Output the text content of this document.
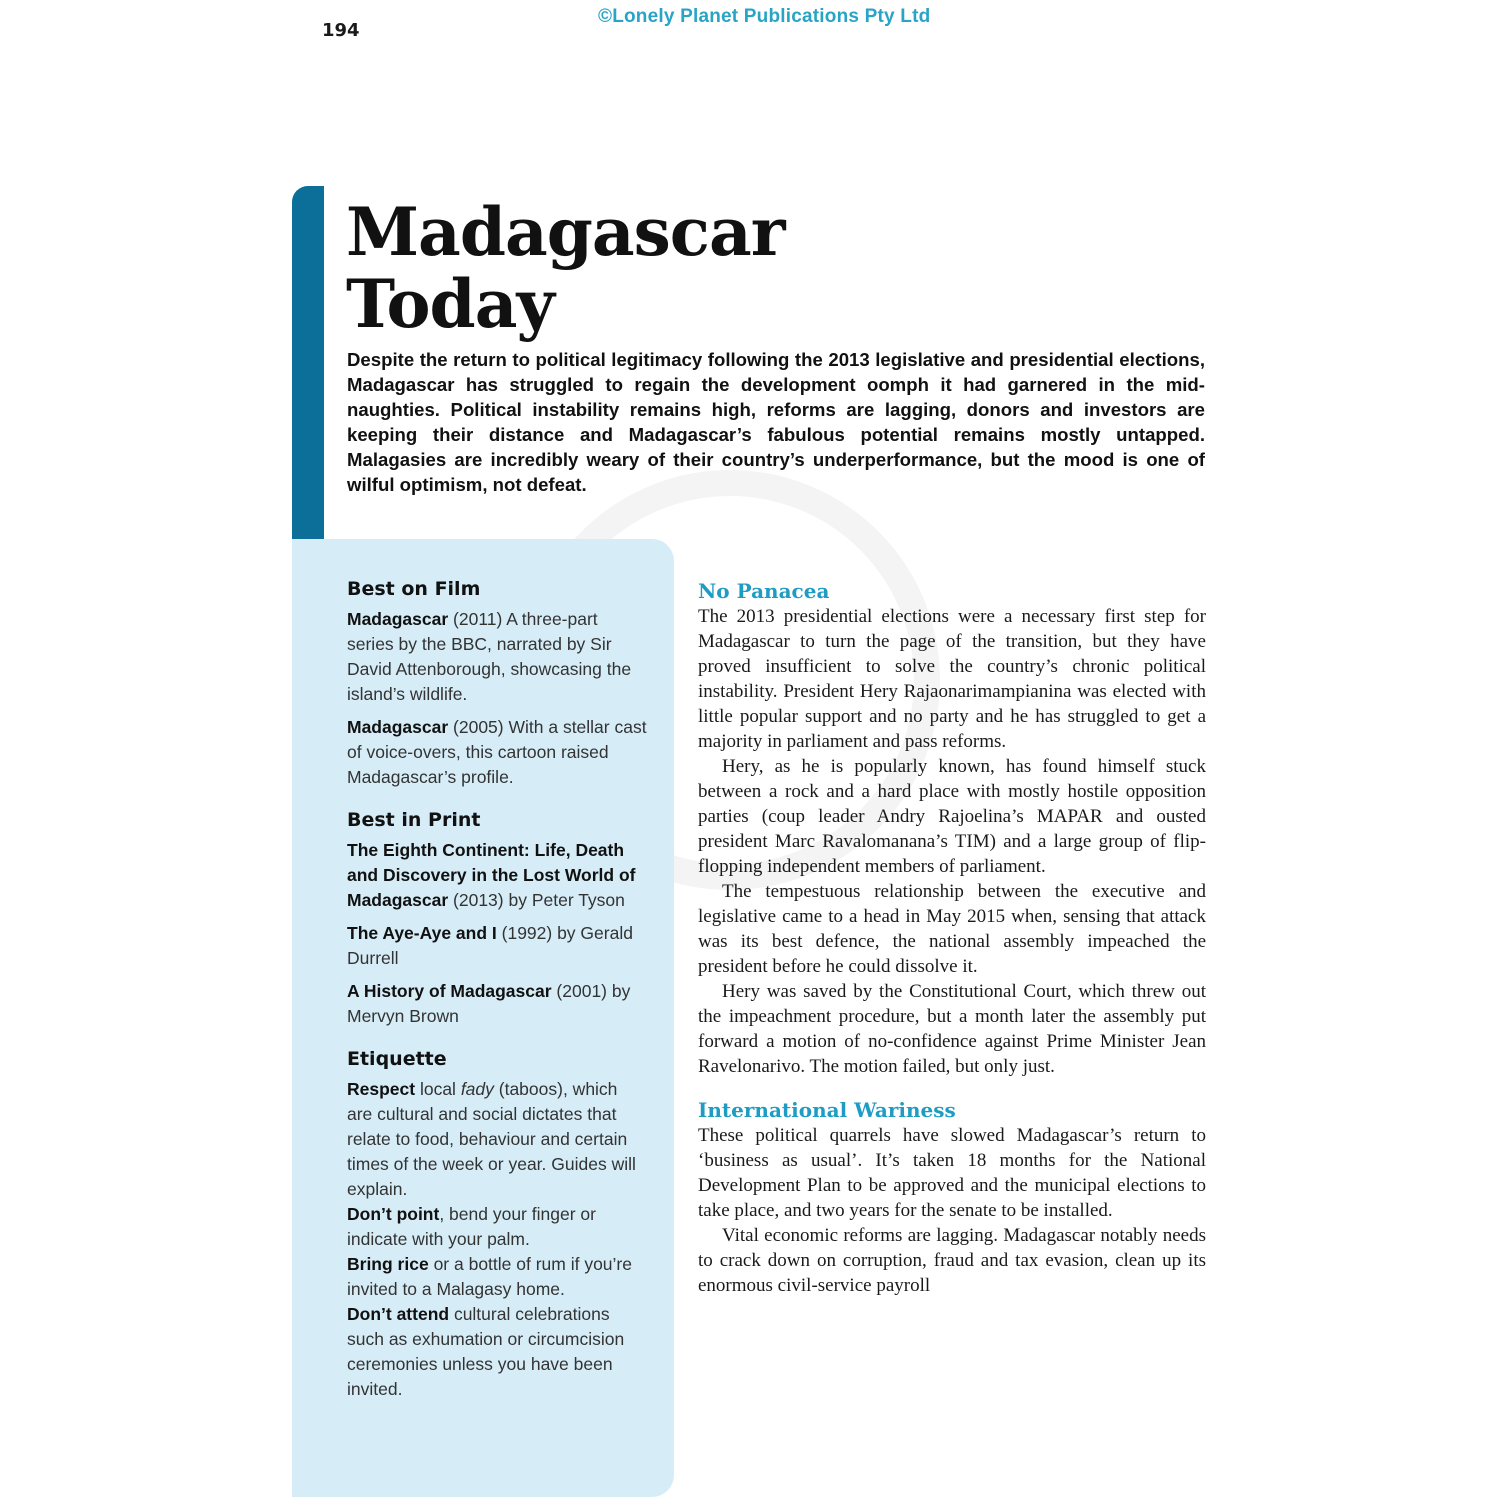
194
©Lonely Planet Publications Pty Ltd
Madagascar
Today

Despite the return to political legitimacy following the 2013 legislative and presidential elections, Madagascar has struggled to regain the development oomph it had garnered in the mid-naughties. Political instability remains high, reforms are lagging, donors and investors are keeping their distance and Madagascar’s fabulous potential remains mostly untapped. Malagasies are incredibly weary of their country’s underperformance, but the mood is one of wilful optimism, not defeat.

Best on Film

Madagascar (2011) A three-part series by the BBC, narrated by Sir David Attenborough, showcasing the island’s wildlife.

Madagascar (2005) With a stellar cast of voice-overs, this cartoon raised Madagascar’s profile.

Best in Print

The Eighth Continent: Life, Death and Discovery in the Lost World of Madagascar (2013) by Peter Tyson

The Aye-Aye and I (1992) by Gerald Durrell

A History of Madagascar (2001) by Mervyn Brown

Etiquette

Respect local fady (taboos), which are cultural and social dictates that relate to food, behaviour and certain times of the week or year. Guides will explain.

Don’t point, bend your finger or indicate with your palm.

Bring rice or a bottle of rum if you’re invited to a Malagasy home.

Don’t attend cultural celebrations such as exhumation or circumcision ceremonies unless you have been invited.

No Panacea

The 2013 presidential elections were a necessary first step for Madagascar to turn the page of the transition, but they have proved insufficient to solve the country’s chronic political instability. President Hery Rajaonarimampianina was elected with little popular support and no party and he has struggled to get a majority in parliament and pass reforms.

Hery, as he is popularly known, has found himself stuck between a rock and a hard place with mostly hostile opposition parties (coup leader Andry Rajoelina’s MAPAR and ousted president Marc Ravalomanana’s TIM) and a large group of flip-flopping independent members of parliament.

The tempestuous relationship between the executive and legislative came to a head in May 2015 when, sensing that attack was its best defence, the national assembly impeached the president before he could dissolve it.

Hery was saved by the Constitutional Court, which threw out the impeachment procedure, but a month later the assembly put forward a motion of no-confidence against Prime Minister Jean Ravelonarivo. The motion failed, but only just.

International Wariness

These political quarrels have slowed Madagascar’s return to ‘business as usual’. It’s taken 18 months for the National Development Plan to be approved and the municipal elections to take place, and two years for the senate to be installed.

Vital economic reforms are lagging. Madagascar notably needs to crack down on corruption, fraud and tax evasion, clean up its enormous civil-service payroll
